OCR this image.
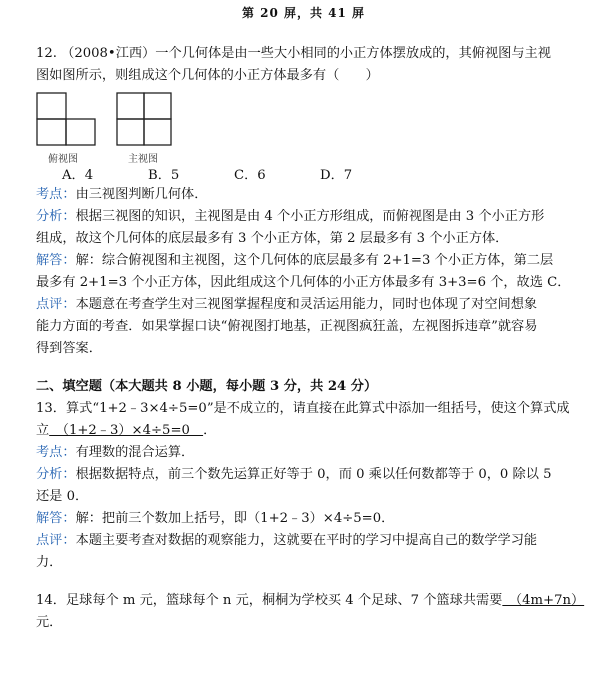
第 20 屏，共 41 屏
12. （2008•江西）一个几何体是由一些大小相同的小正方体摆放成的，其俯视图与主视
图如图所示，则组成这个几何体的小正方体最多有（　　）
俯视图	主视图
A．4	B．5	C．6	D．7
考点：由三视图判断几何体．
分析：根据三视图的知识，主视图是由 4 个小正方形组成，而俯视图是由 3 个小正方形
组成，故这个几何体的底层最多有 3 个小正方体，第 2 层最多有 3 个小正方体．
解答：解：综合俯视图和主视图，这个几何体的底层最多有 2+1=3 个小正方体，第二层
最多有 2+1=3 个小正方体，因此组成这个几何体的小正方体最多有 3+3=6 个，故选 C．
点评：本题意在考查学生对三视图掌握程度和灵活运用能力，同时也体现了对空间想象
能力方面的考查．如果掌握口诀“俯视图打地基，正视图疯狂盖，左视图拆违章”就容易
得到答案．
二、填空题（本大题共 8 小题，每小题 3 分，共 24 分）
13．算式“1+2﹣3×4÷5=0”是不成立的，请直接在此算式中添加一组括号，使这个算式成
立　（1+2﹣3）×4÷5=0　．
考点：有理数的混合运算．
分析：根据数据特点，前三个数先运算正好等于 0，而 0 乘以任何数都等于 0，0 除以 5
还是 0．
解答：解：把前三个数加上括号，即（1+2﹣3）×4÷5=0．
点评：本题主要考查对数据的观察能力，这就要在平时的学习中提高自己的数学学习能
力．
14．足球每个 m 元，篮球每个 n 元，桐桐为学校买 4 个足球、7 个篮球共需要　（4m+7n）
元．
